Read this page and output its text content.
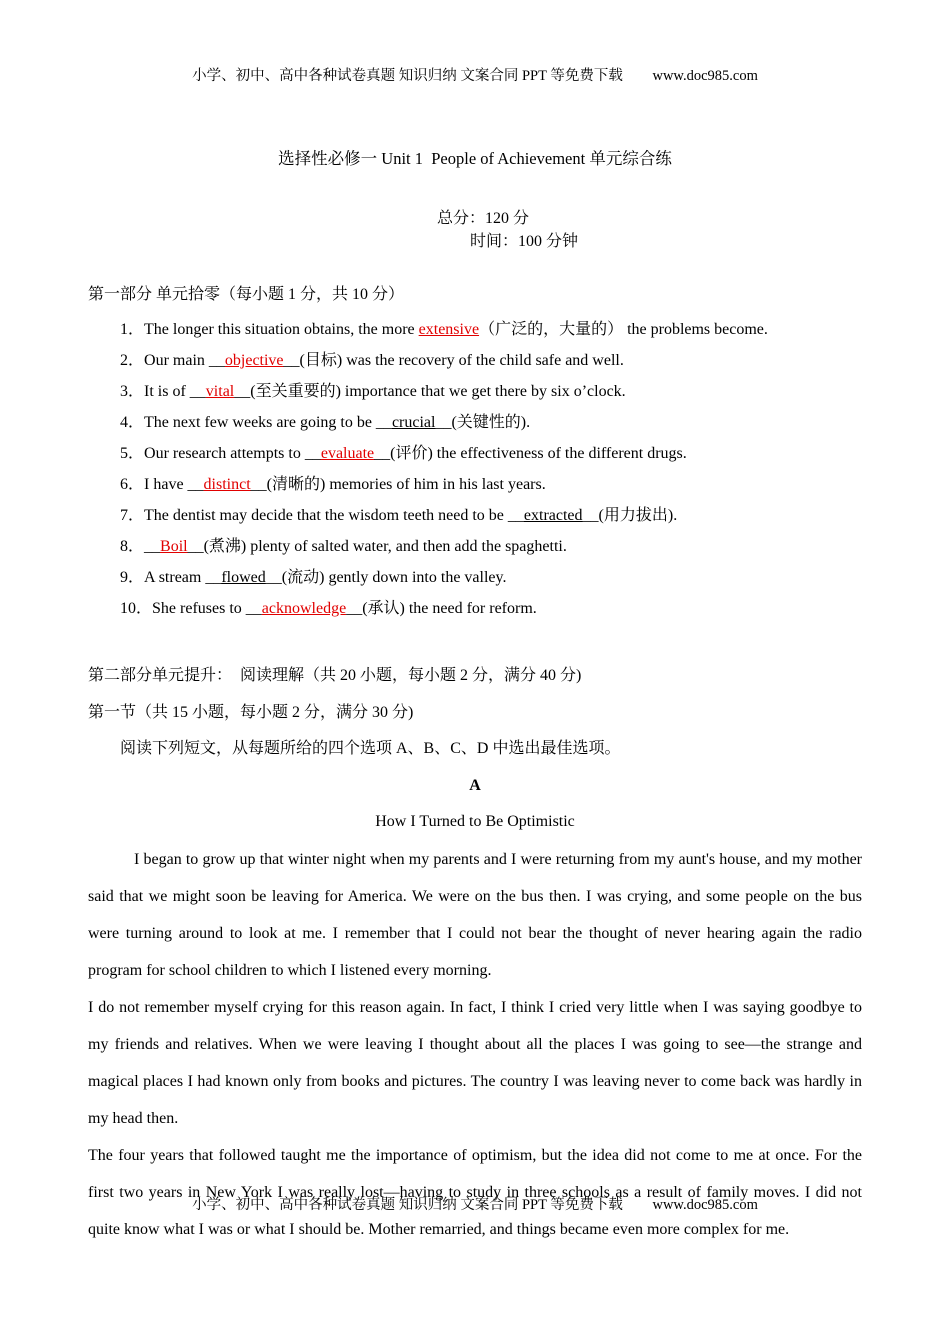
小学、初中、高中各种试卷真题 知识归纳 文案合同 PPT 等免费下载 www.doc985.com
选择性必修一 Unit 1  People of Achievement 单元综合练

总分：120 分
时间：100 分钟

第一部分 单元拾零（每小题 1 分，共 10 分）
1．The longer this situation obtains, the more extensive（广泛的，大量的） the problems become.
2．Our main __objective__(目标) was the recovery of the child safe and well.
3．It is of __vital__(至关重要的) importance that we get there by six o’clock.
4．The next few weeks are going to be __crucial__(关键性的).
5．Our research attempts to __evaluate__(评价) the effectiveness of the different drugs.
6．I have __distinct__(清晰的) memories of him in his last years.
7．The dentist may decide that the wisdom teeth need to be __extracted__(用力拔出).
8．__Boil__(煮沸) plenty of salted water, and then add the spaghetti.
9．A stream __flowed__(流动) gently down into the valley.
10．She refuses to __acknowledge__(承认) the need for reform.
第二部分单元提升：  阅读理解（共 20 小题，每小题 2 分，满分 40 分)
第一节（共 15 小题，每小题 2 分，满分 30 分)
阅读下列短文，从每题所给的四个选项 A、B、C、D 中选出最佳选项。
A
How I Turned to Be Optimistic

I began to grow up that winter night when my parents and I were returning from my aunt's house, and my mother said that we might soon be leaving for America. We were on the bus then. I was crying, and some people on the bus were turning around to look at me. I remember that I could not bear the thought of never hearing again the radio program for school children to which I listened every morning.

I do not remember myself crying for this reason again. In fact, I think I cried very little when I was saying goodbye to my friends and relatives. When we were leaving I thought about all the places I was going to see—the strange and magical places I had known only from books and pictures. The country I was leaving never to come back was hardly in my head then.

The four years that followed taught me the importance of optimism, but the idea did not come to me at once. For the first two years in New York I was really lost—having to study in three schools as a result of family moves. I did not quite know what I was or what I should be. Mother remarried, and things became even more complex for me.

小学、初中、高中各种试卷真题 知识归纳 文案合同 PPT 等免费下载 www.doc985.com
